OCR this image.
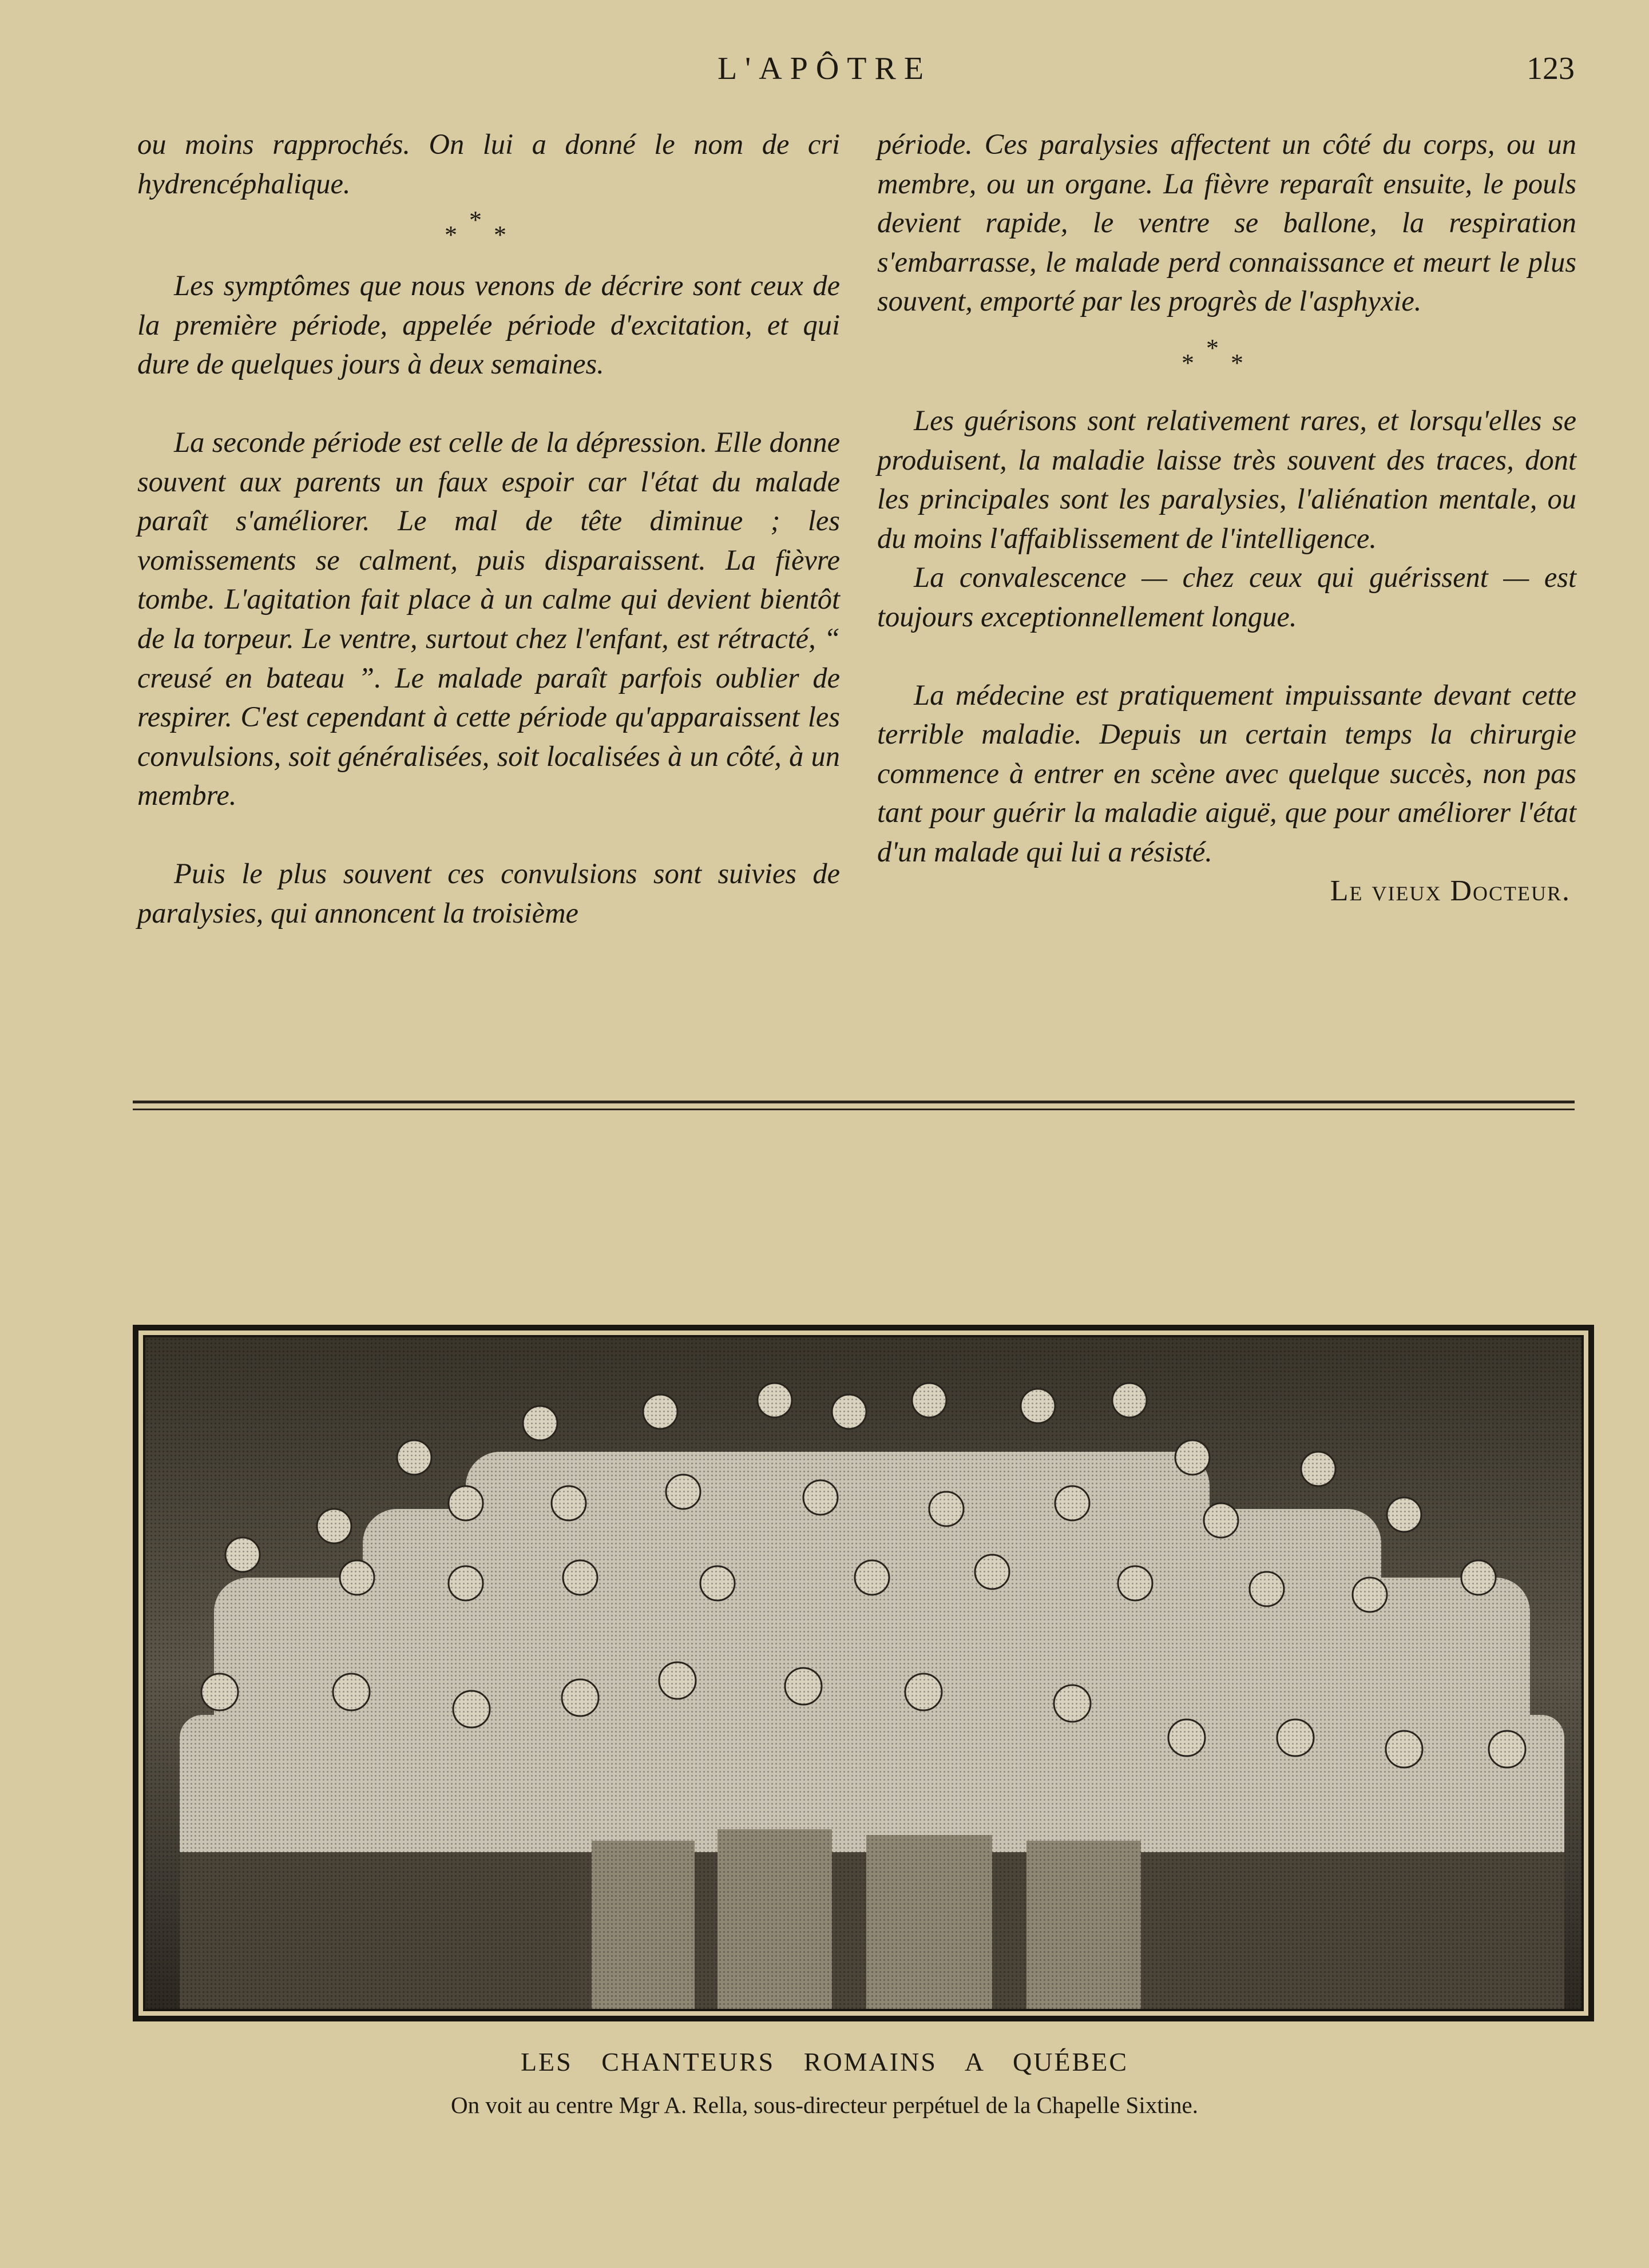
L'APÔTRE	123

ou moins rapprochés. On lui a donné le nom de cri hydrencéphalique.

*
*
*

Les symptômes que nous venons de décrire sont ceux de la première période, appelée période d'excitation, et qui dure de quelques jours à deux semaines.

La seconde période est celle de la dépression. Elle donne souvent aux parents un faux espoir car l'état du malade paraît s'améliorer. Le mal de tête diminue ; les vomissements se calment, puis disparaissent. La fièvre tombe. L'agitation fait place à un calme qui devient bientôt de la torpeur. Le ventre, surtout chez l'enfant, est rétracté, “ creusé en bateau ”. Le malade paraît parfois oublier de respirer. C'est cependant à cette période qu'apparaissent les convulsions, soit généralisées, soit localisées à un côté, à un membre.

Puis le plus souvent ces convulsions sont suivies de paralysies, qui annoncent la troisième

période. Ces paralysies affectent un côté du corps, ou un membre, ou un organe. La fièvre reparaît ensuite, le pouls devient rapide, le ventre se ballone, la respiration s'embarrasse, le malade perd connaissance et meurt le plus souvent, emporté par les progrès de l'asphyxie.

*
*
*

Les guérisons sont relativement rares, et lorsqu'elles se produisent, la maladie laisse très souvent des traces, dont les principales sont les paralysies, l'aliénation mentale, ou du moins l'affaiblissement de l'intelligence.

La convalescence — chez ceux qui guérissent — est toujours exceptionnellement longue.

La médecine est pratiquement impuissante devant cette terrible maladie. Depuis un certain temps la chirurgie commence à entrer en scène avec quelque succès, non pas tant pour guérir la maladie aiguë, que pour améliorer l'état d'un malade qui lui a résisté.

Le vieux Docteur.
LES CHANTEURS ROMAINS A QUÉBEC
On voit au centre Mgr A. Rella, sous-directeur perpétuel de la Chapelle Sixtine.
